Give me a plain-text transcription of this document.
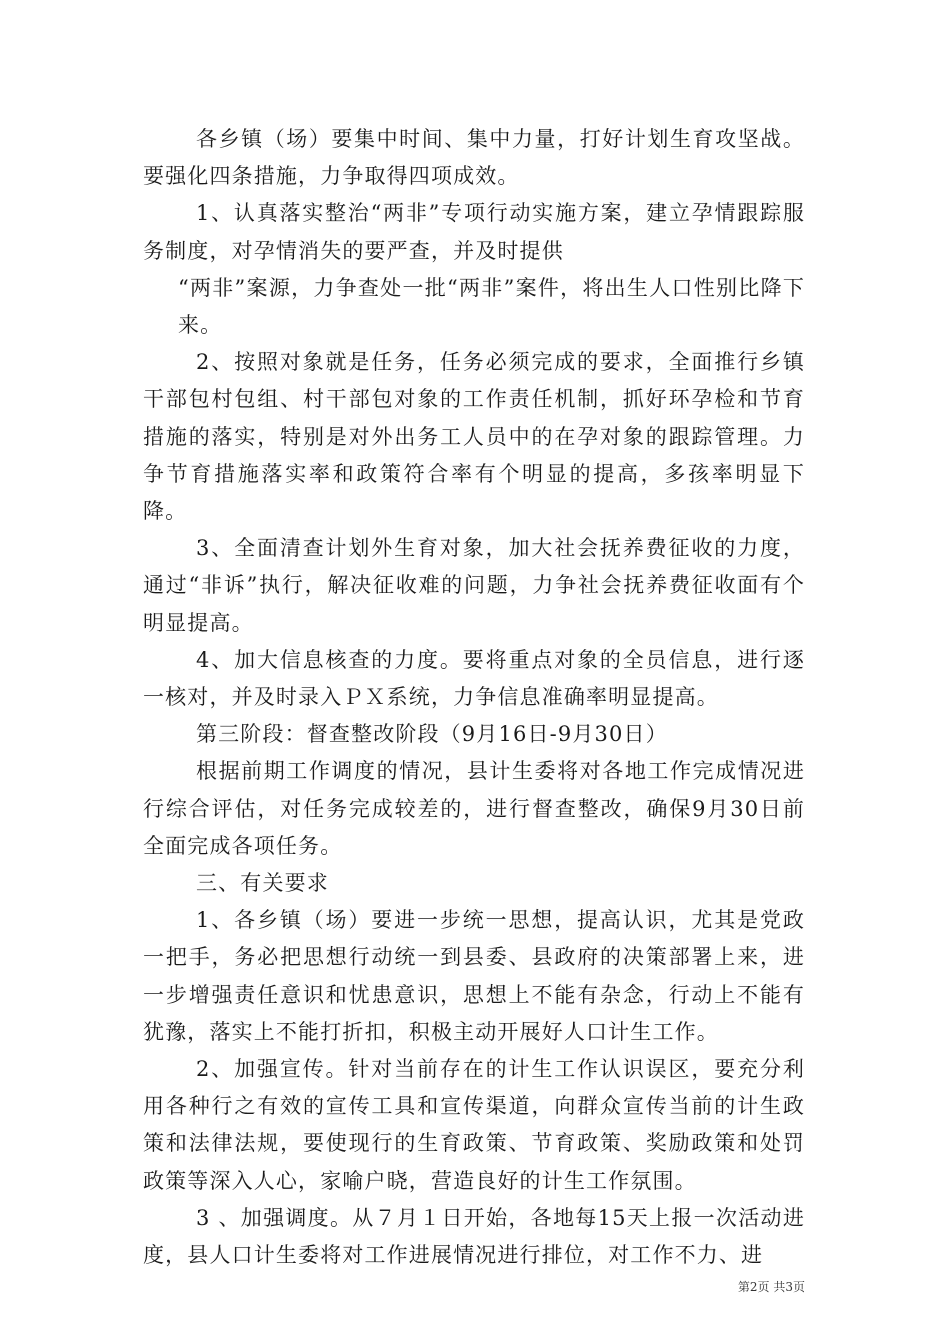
各乡镇（场）要集中时间、集中力量，打好计划生育攻坚战。要强化四条措施，力争取得四项成效。

1、认真落实整治“两非”专项行动实施方案，建立孕情跟踪服务制度，对孕情消失的要严查，并及时提供

“两非”案源，力争查处一批“两非”案件，将出生人口性别比降下来。

2、按照对象就是任务，任务必须完成的要求，全面推行乡镇干部包村包组、村干部包对象的工作责任机制，抓好环孕检和节育措施的落实，特别是对外出务工人员中的在孕对象的跟踪管理。力争节育措施落实率和政策符合率有个明显的提高，多孩率明显下降。

3、全面清查计划外生育对象，加大社会抚养费征收的力度，通过“非诉”执行，解决征收难的问题，力争社会抚养费征收面有个明显提高。

4、加大信息核查的力度。要将重点对象的全员信息，进行逐一核对，并及时录入ＰＸ系统，力争信息准确率明显提高。

第三阶段：督查整改阶段（9月16日-9月30日）

根据前期工作调度的情况，县计生委将对各地工作完成情况进行综合评估，对任务完成较差的，进行督查整改，确保9月30日前全面完成各项任务。

三、有关要求

1、各乡镇（场）要进一步统一思想，提高认识，尤其是党政一把手，务必把思想行动统一到县委、县政府的决策部署上来，进一步增强责任意识和忧患意识，思想上不能有杂念，行动上不能有犹豫，落实上不能打折扣，积极主动开展好人口计生工作。

2、加强宣传。针对当前存在的计生工作认识误区，要充分利用各种行之有效的宣传工具和宣传渠道，向群众宣传当前的计生政策和法律法规，要使现行的生育政策、节育政策、奖励政策和处罚政策等深入人心，家喻户晓，营造良好的计生工作氛围。

3 、加强调度。从７月１日开始，各地每15天上报一次活动进度，县人口计生委将对工作进展情况进行排位，对工作不力、进

第2页 共3页
